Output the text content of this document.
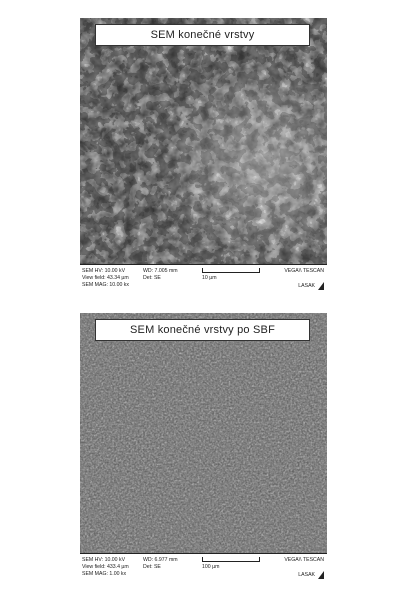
SEM konečné vrstvy
SEM HV: 10.00 kV
View field: 43.34 µm
SEM MAG: 10.00 kx
WD: 7.005 mm
Det: SE	10 µm
VEGA\\ TESCAN
LASAK
SEM konečné vrstvy po SBF
SEM HV: 10.00 kV
View field: 433.4 µm
SEM MAG: 1.00 kx
WD: 6.977 mm
Det: SE	100 µm
VEGA\\ TESCAN
LASAK
